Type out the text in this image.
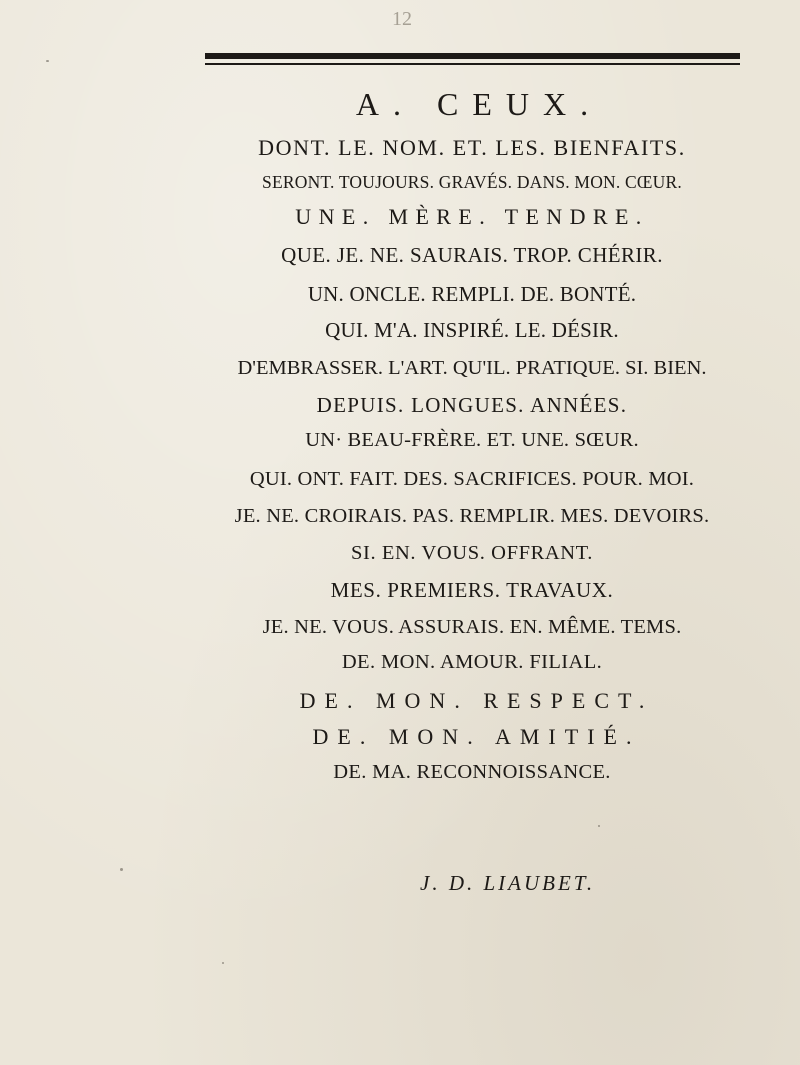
12
A. CEUX.
DONT. LE. NOM. ET. LES. BIENFAITS.
SERONT. TOUJOURS. GRAVÉS. DANS. MON. CŒUR.
UNE. MÈRE. TENDRE.
QUE. JE. NE. SAURAIS. TROP. CHÉRIR.
UN. ONCLE. REMPLI. DE. BONTÉ.
QUI. M'A. INSPIRÉ. LE. DÉSIR.
D'EMBRASSER. L'ART. QU'IL. PRATIQUE. SI. BIEN.
DEPUIS. LONGUES. ANNÉES.
UN· BEAU-FRÈRE. ET. UNE. SŒUR.
QUI. ONT. FAIT. DES. SACRIFICES. POUR. MOI.
JE. NE. CROIRAIS. PAS. REMPLIR. MES. DEVOIRS.
SI. EN. VOUS. OFFRANT.
MES. PREMIERS. TRAVAUX.
JE. NE. VOUS. ASSURAIS. EN. MÊME. TEMS.
DE. MON. AMOUR. FILIAL.
DE. MON. RESPECT.
DE. MON. AMITIÉ.
DE. MA. RECONNOISSANCE.
J. D. LIAUBET.
